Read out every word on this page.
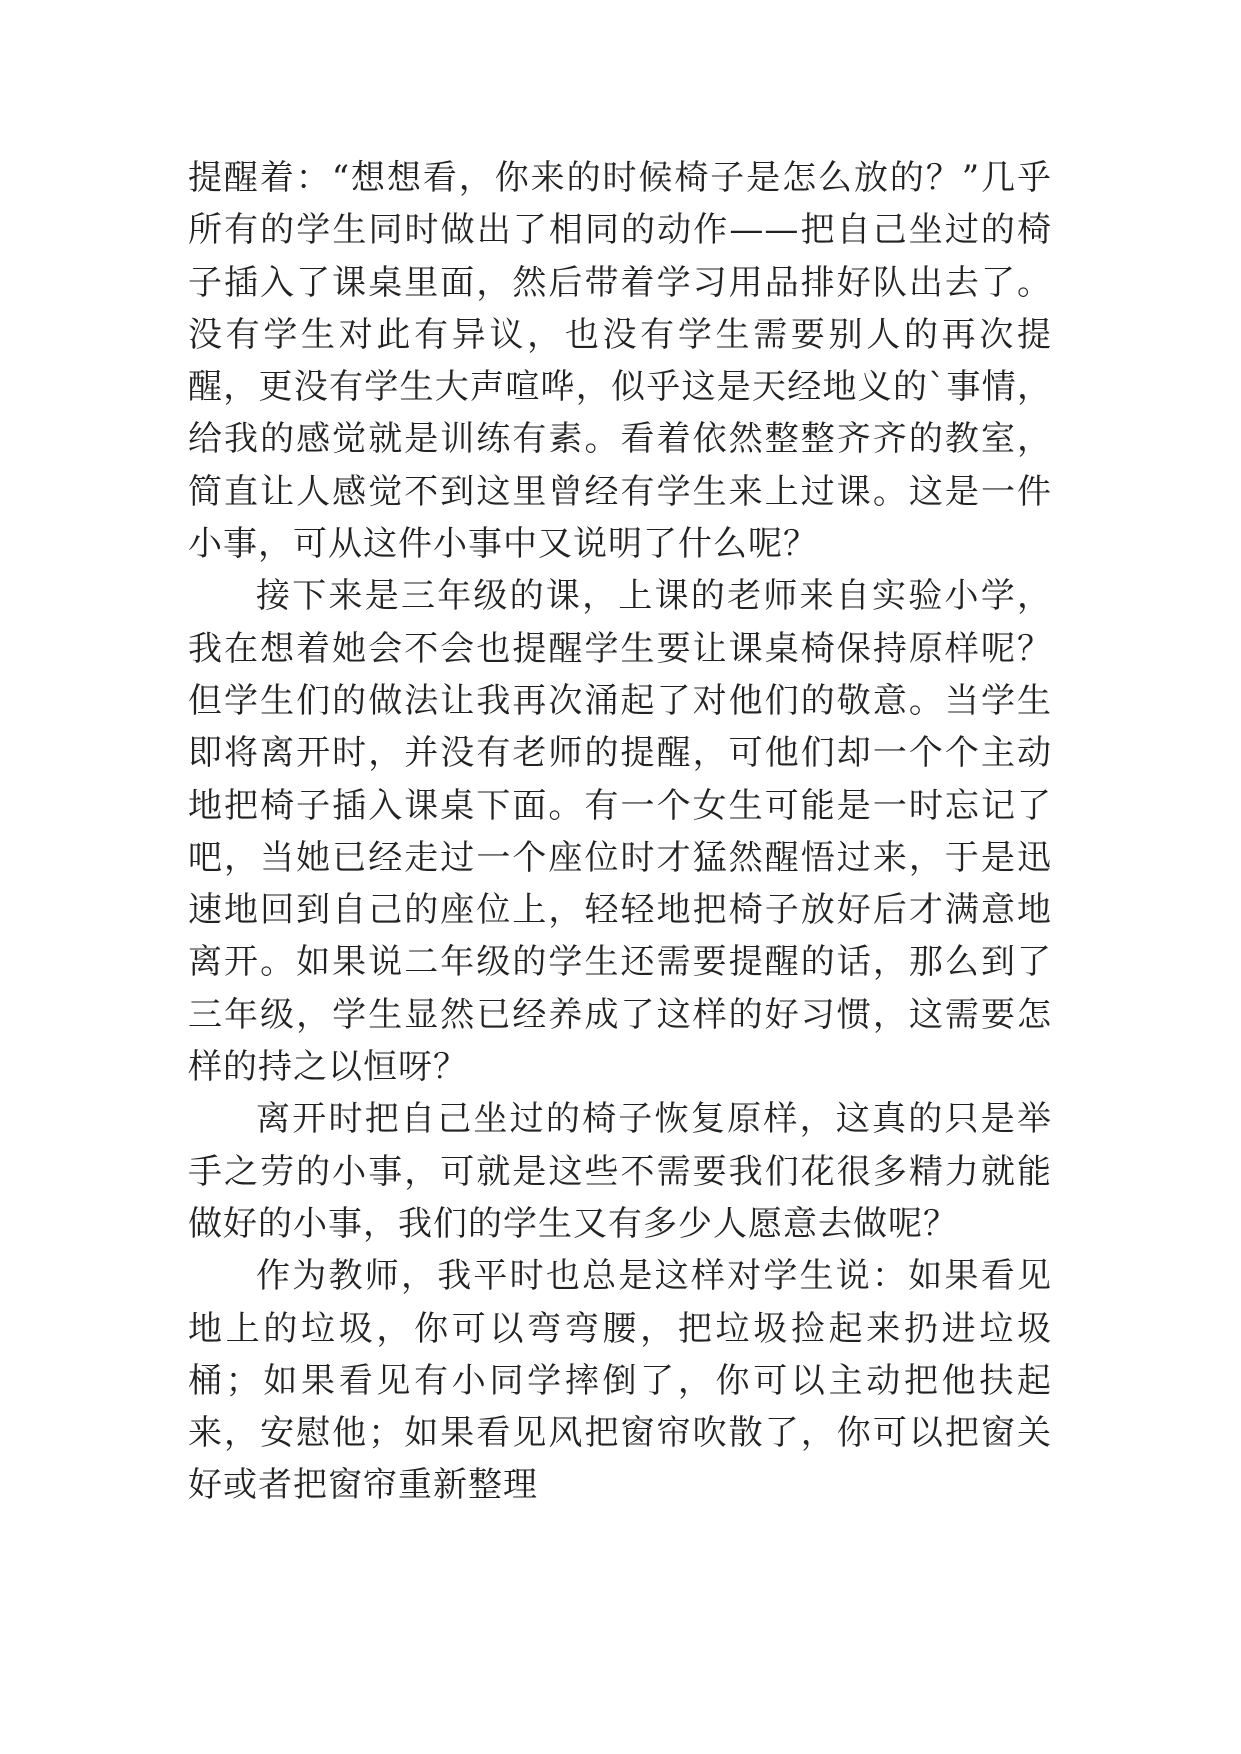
提醒着：“想想看，你来的时候椅子是怎么放的？”几乎所有的学生同时做出了相同的动作——把自己坐过的椅子插入了课桌里面，然后带着学习用品排好队出去了。没有学生对此有异议，也没有学生需要别人的再次提醒，更没有学生大声喧哗，似乎这是天经地义的`事情，给我的感觉就是训练有素。看着依然整整齐齐的教室，简直让人感觉不到这里曾经有学生来上过课。这是一件小事，可从这件小事中又说明了什么呢？

接下来是三年级的课，上课的老师来自实验小学，我在想着她会不会也提醒学生要让课桌椅保持原样呢？但学生们的做法让我再次涌起了对他们的敬意。当学生即将离开时，并没有老师的提醒，可他们却一个个主动地把椅子插入课桌下面。有一个女生可能是一时忘记了吧，当她已经走过一个座位时才猛然醒悟过来，于是迅速地回到自己的座位上，轻轻地把椅子放好后才满意地离开。如果说二年级的学生还需要提醒的话，那么到了三年级，学生显然已经养成了这样的好习惯，这需要怎样的持之以恒呀？

离开时把自己坐过的椅子恢复原样，这真的只是举手之劳的小事，可就是这些不需要我们花很多精力就能做好的小事，我们的学生又有多少人愿意去做呢？

作为教师，我平时也总是这样对学生说：如果看见地上的垃圾，你可以弯弯腰，把垃圾捡起来扔进垃圾桶；如果看见有小同学摔倒了，你可以主动把他扶起来，安慰他；如果看见风把窗帘吹散了，你可以把窗关好或者把窗帘重新整理
